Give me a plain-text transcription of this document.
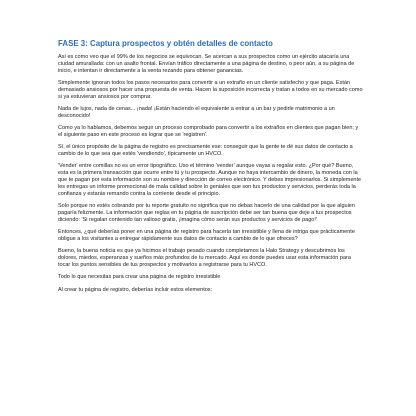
FASE 3: Captura prospectos y obtén detalles de contacto

Así es como veo que el 99% de los negocios se equivocan. Se acercan a sus prospectos como un ejército atacaría una ciudad amurallada: con un asalto frontal. Envían tráfico directamente a una página de destino, o peor aún, a su página de inicio, e intentan ir directamente a la venta rezando para obtener ganancias.

Simplemente ignoran todos los pasos necesarios para convertir a un extraño en un cliente satisfecho y que paga. Están demasiado ansiosos por hacer una propuesta de venta. Hacen la suposición incorrecta y tratan a todos en su mercado como si ya estuvieran ansiosos por comprar.

Nada de lujos, nada de cenas... ¡nada! ¡Están haciendo el equivalente a entrar a un bar y pedirle matrimonio a un desconocido!

Como ya lo hablamos, debemos seguir un proceso comprobado para convertir a los extraños en clientes que pagan bien; y el siguiente paso en este proceso es lograr que se 'registren'.

Sí, el único propósito de la página de registro es precisamente ese: conseguir que la gente te dé sus datos de contacto a cambio de lo que sea que estés 'vendiendo', típicamente un HVCO.

'Vender' entre comillas no es un error tipográfico. Uso el término 'vender' aunque vayas a regalar esto. ¿Por qué? Bueno, esta es la primera transacción que ocurre entre tú y tu prospecto. Aunque no haya intercambio de dinero, la moneda con la que te pagan por esta información son su nombre y dirección de correo electrónico. Y debes impresionarlos. Si simplemente les entregas un informe promocional de mala calidad sobre lo geniales que son tus productos y servicios, perderás toda la confianza y estarás remando contra la corriente desde el principio.

Solo porque no estés cobrando por tu reporte gratuito no significa que no debas hacerlo de una calidad por la que alguien pagaría felizmente. La información que reglas en tu página de suscripción debe ser tan buena que deje a tus prospectos diciendo: 'Si regalan contenido tan valioso gratis, ¡imagina cómo serán sus productos y servicios de pago!'

Entonces, ¿qué deberías poner en una página de registro para hacerla tan irresistible y llena de intriga que prácticamente obligue a los visitantes a entregar rápidamente sus datos de contacto a cambio de lo que ofreces?

Bueno, la buena noticia es que ya hicimos el trabajo pesado cuando completamos la Halo Strategy y descubrimos los dolores, miedos, esperanzas y sueños más profundos de tu mercado. Aquí es donde puedes usar esta información para tocar los puntos sensibles de tus prospectos y motivarlos a registrarse para tu HVCO.

Todo lo que necesitas para crear una página de registro irresistible

Al crear tu página de registro, deberías incluir estos elementos:
